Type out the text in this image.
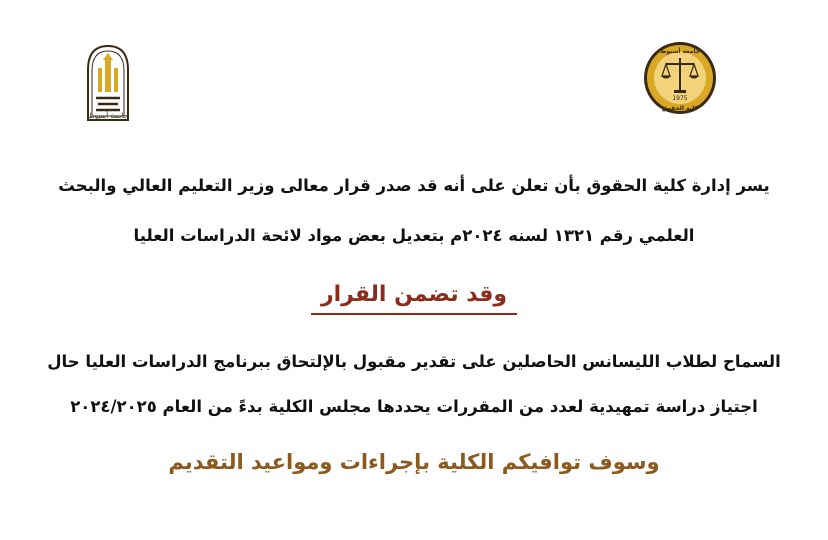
جامعة أسيوط
جامعة أسيوط
1975
كلية الحقوق
يسر إدارة كلية الحقوق بأن تعلن على أنه قد صدر قرار معالى وزير التعليم العالي والبحث
العلمي رقم ١٣٢١ لسنه ٢٠٢٤م بتعديل بعض مواد لائحة الدراسات العليا
وقد تضمن القرار
السماح لطلاب الليسانس الحاصلين على تقدير مقبول بالإلتحاق ببرنامج الدراسات العليا حال
اجتياز دراسة تمهيدية لعدد من المقررات يحددها مجلس الكلية بدءً من العام ٢٠٢٤/٢٠٢٥
وسوف توافيكم الكلية بإجراءات ومواعيد التقديم
